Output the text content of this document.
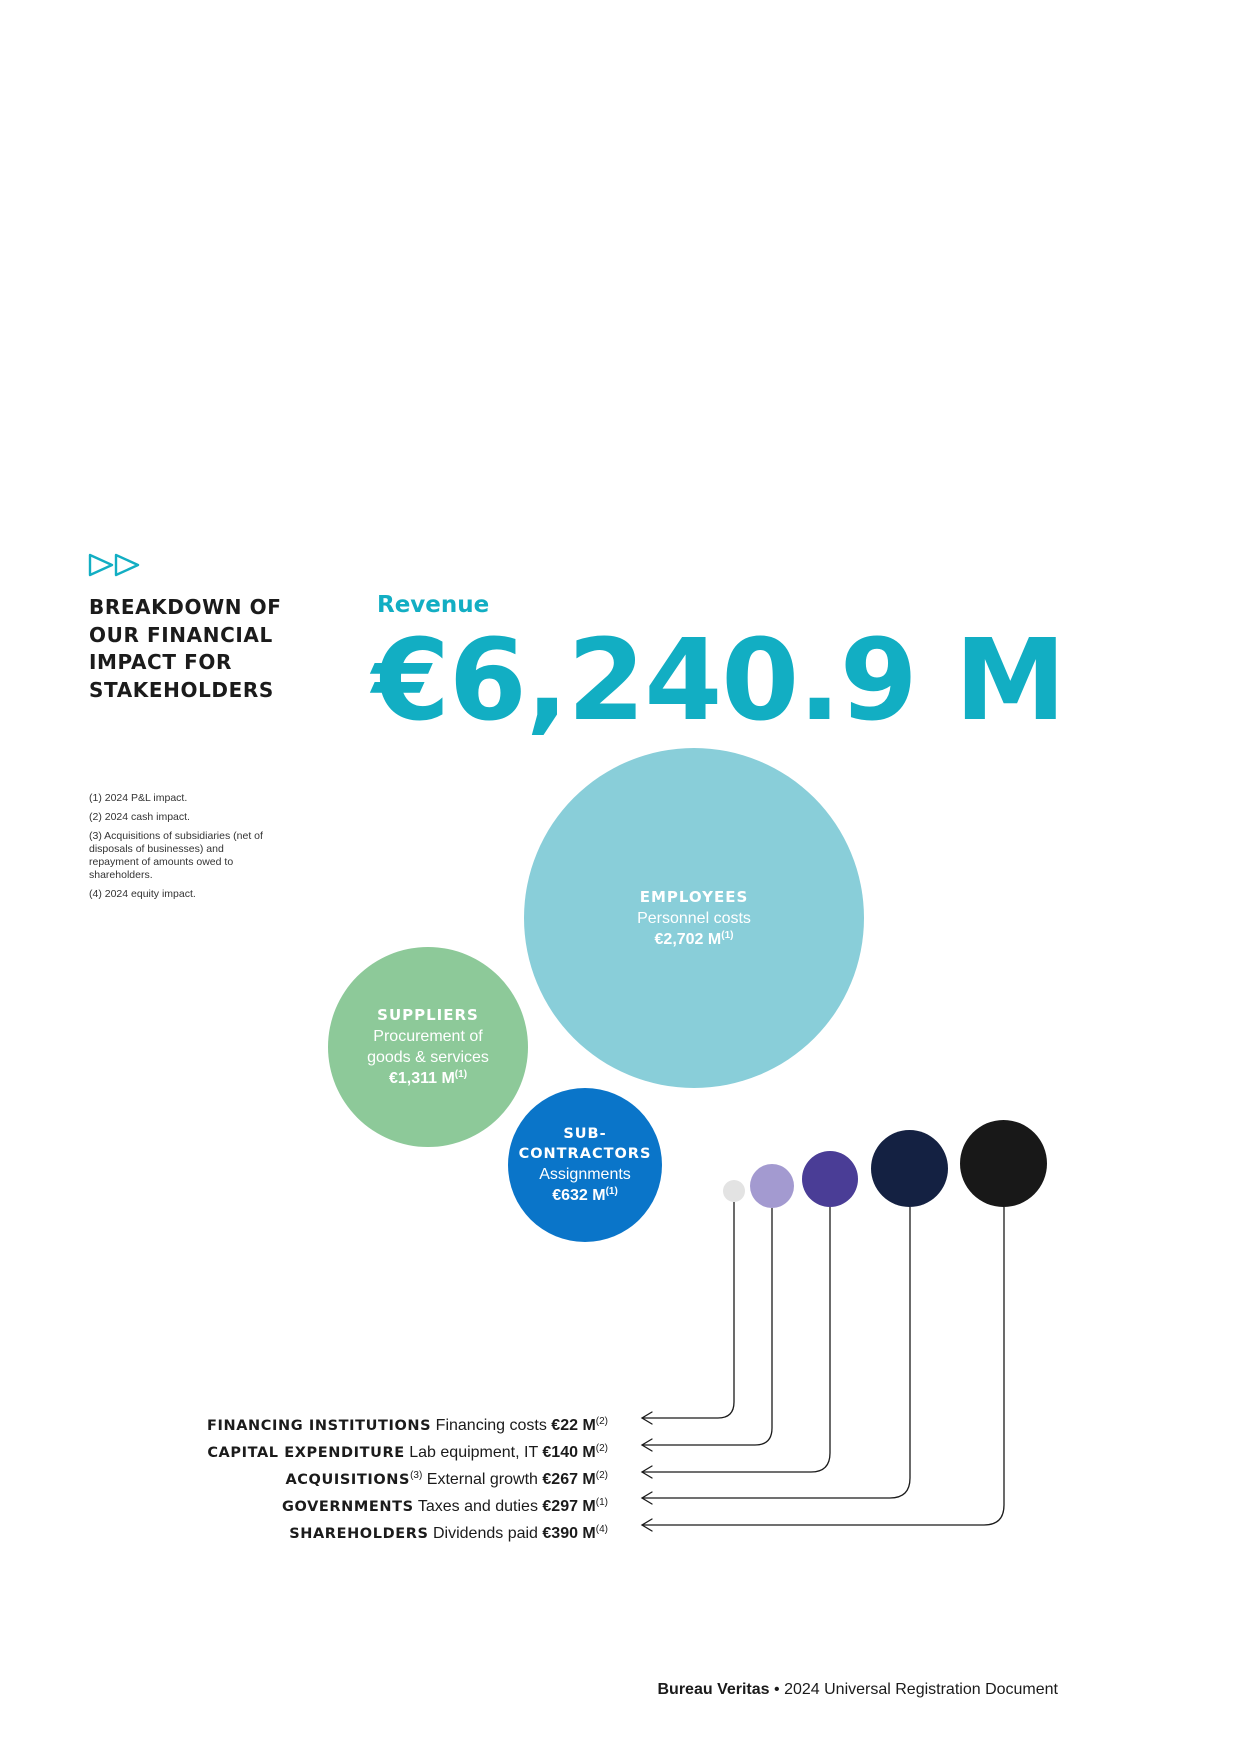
BREAKDOWN OF
OUR FINANCIAL
IMPACT FOR
STAKEHOLDERS
Revenue
€6,240.9 M
(1) 2024 P&L impact.
(2) 2024 cash impact.
(3) Acquisitions of subsidiaries (net of disposals of businesses) and repayment of amounts owed to shareholders.
(4) 2024 equity impact.	EMPLOYEES
Personnel costs
€2,702 $M^{(1)}$
SUPPLIERS
Procurement of
goods & services
€1,311 $M^{(1)}$
SUB-
CONTRACTORS
Assignments
€632 $M^{(1)}$
FINANCING INSTITUTIONS Financing costs €22 $M^{(2)}$
CAPITAL EXPENDITURE Lab equipment, IT €140 $M^{(2)}$
ACQUISITIONS$^{(3)}$ External growth €267 $M^{(2)}$
GOVERNMENTS Taxes and duties €297 $M^{(1)}$
SHAREHOLDERS Dividends paid €390 $M^{(4)}$
Bureau Veritas • 2024 Universal Registration Document
